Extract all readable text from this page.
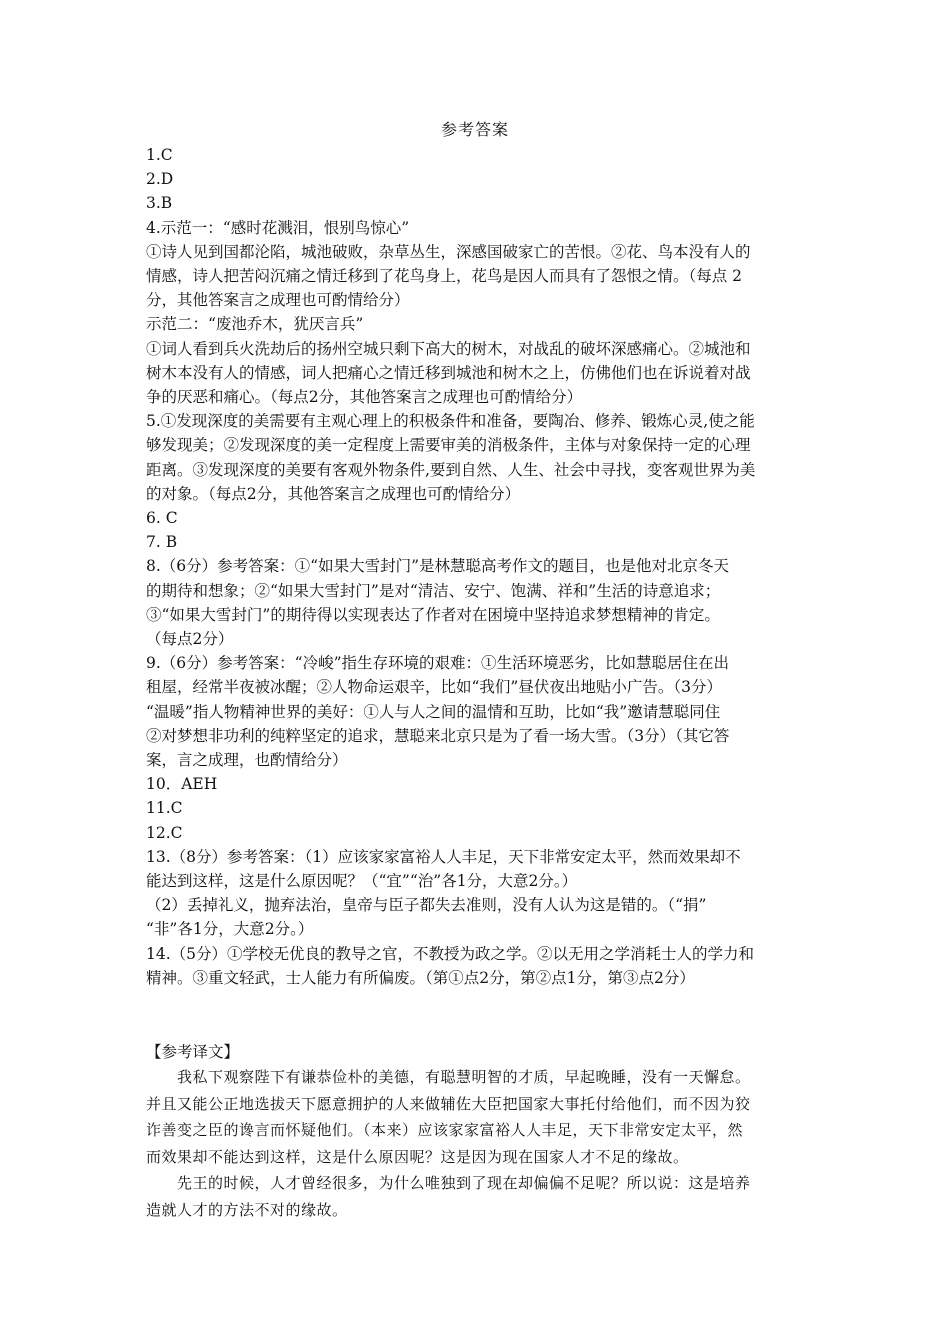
参考答案
1.C
2.D
3.B
4.示范一：“感时花溅泪，恨别鸟惊心”
①诗人见到国都沦陷，城池破败，杂草丛生，深感国破家亡的苦恨。②花、鸟本没有人的
情感，诗人把苦闷沉痛之情迁移到了花鸟身上，花鸟是因人而具有了怨恨之情。（每点 2
分，其他答案言之成理也可酌情给分）
示范二：“废池乔木，犹厌言兵”
①词人看到兵火洗劫后的扬州空城只剩下高大的树木，对战乱的破坏深感痛心。②城池和
树木本没有人的情感，词人把痛心之情迁移到城池和树木之上，仿佛他们也在诉说着对战
争的厌恶和痛心。（每点2分，其他答案言之成理也可酌情给分）
5.①发现深度的美需要有主观心理上的积极条件和准备，要陶冶、修养、锻炼心灵,使之能
够发现美；②发现深度的美一定程度上需要审美的消极条件，主体与对象保持一定的心理
距离。③发现深度的美要有客观外物条件,要到自然、人生、社会中寻找，变客观世界为美
的对象。（每点2分，其他答案言之成理也可酌情给分）
6. C
7. B
8.（6分）参考答案：①“如果大雪封门”是林慧聪高考作文的题目，也是他对北京冬天
的期待和想象；②“如果大雪封门”是对“清洁、安宁、饱满、祥和”生活的诗意追求；
③“如果大雪封门”的期待得以实现表达了作者对在困境中坚持追求梦想精神的肯定。
（每点2分）
9.（6分）参考答案：“冷峻”指生存环境的艰难：①生活环境恶劣，比如慧聪居住在出
租屋，经常半夜被冰醒；②人物命运艰辛，比如“我们”昼伏夜出地贴小广告。（3分）
“温暖”指人物精神世界的美好：①人与人之间的温情和互助，比如“我”邀请慧聪同住
②对梦想非功利的纯粹坚定的追求，慧聪来北京只是为了看一场大雪。（3分）（其它答
案，言之成理，也酌情给分）
10．AEH
11.C
12.C
13.（8分）参考答案：（1）应该家家富裕人人丰足，天下非常安定太平，然而效果却不
能达到这样，这是什么原因呢？（“宜”“治”各1分，大意2分。）
（2）丢掉礼义，抛弃法治，皇帝与臣子都失去准则，没有人认为这是错的。（“捐”
“非”各1分，大意2分。）
14.（5分）①学校无优良的教导之官，不教授为政之学。②以无用之学消耗士人的学力和
精神。③重文轻武，士人能力有所偏废。（第①点2分，第②点1分，第③点2分）
【参考译文】
　　我私下观察陛下有谦恭俭朴的美德，有聪慧明智的才质，早起晚睡，没有一天懈怠。
并且又能公正地选拔天下愿意拥护的人来做辅佐大臣把国家大事托付给他们，而不因为狡
诈善变之臣的谗言而怀疑他们。（本来）应该家家富裕人人丰足，天下非常安定太平，然
而效果却不能达到这样，这是什么原因呢？这是因为现在国家人才不足的缘故。
　　先王的时候，人才曾经很多，为什么唯独到了现在却偏偏不足呢？所以说：这是培养
造就人才的方法不对的缘故。
